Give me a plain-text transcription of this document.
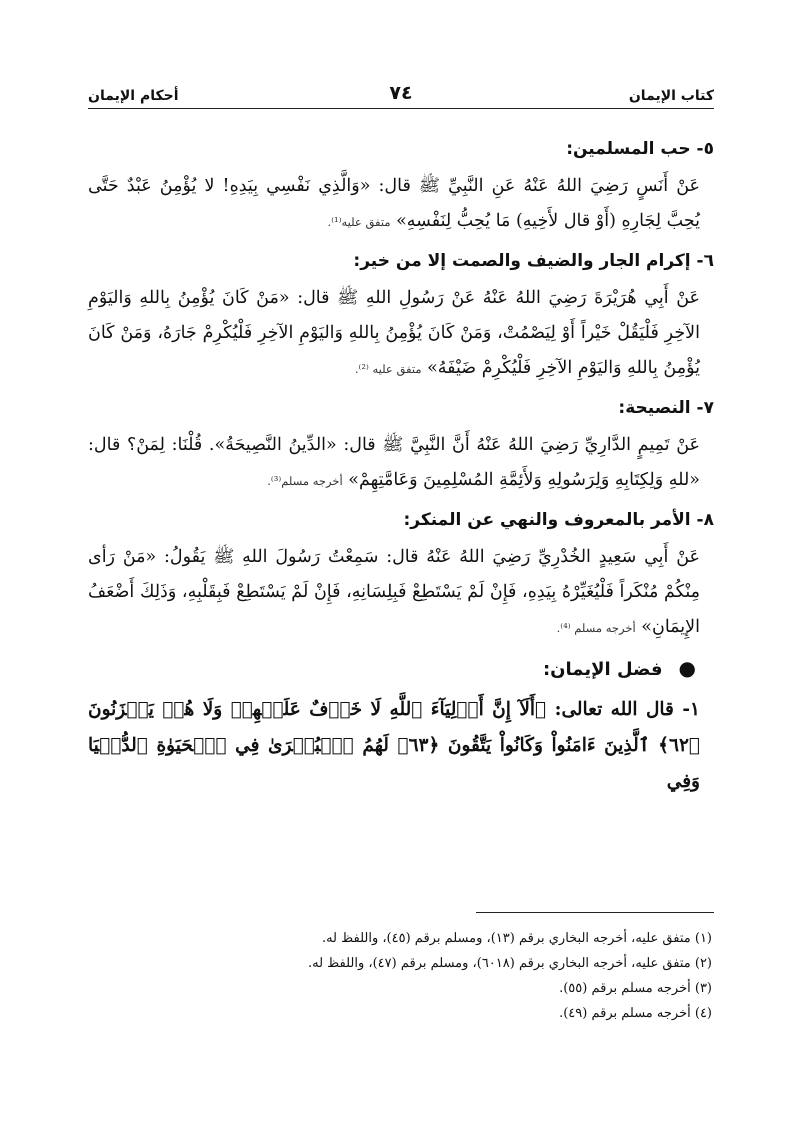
كتاب الإيمان
٧٤
أحكام الإيمان
٥- حب المسلمين:

عَنْ أَنَسٍ رَضِيَ اللهُ عَنْهُ عَنِ النَّبِيِّ ﷺ قال: «وَالَّذِي نَفْسِي بِيَدِهِ! لا يُؤْمِنُ عَبْدٌ حَتَّى يُحِبَّ لِجَارِهِ (أَوْ قال لأَخِيهِ) مَا يُحِبُّ لِنَفْسِهِ» متفق عليه⁽¹⁾.

٦- إكرام الجار والضيف والصمت إلا من خير:

عَنْ أَبِي هُرَيْرَةَ رَضِيَ اللهُ عَنْهُ عَنْ رَسُولِ اللهِ ﷺ قال: «مَنْ كَانَ يُؤْمِنُ بِاللهِ وَاليَوْمِ الآخِرِ فَلْيَقُلْ خَيْراً أَوْ لِيَصْمُتْ، وَمَنْ كَانَ يُؤْمِنُ بِاللهِ وَاليَوْمِ الآخِرِ فَلْيُكْرِمْ جَارَهُ، وَمَنْ كَانَ يُؤْمِنُ بِاللهِ وَاليَوْمِ الآخِرِ فَلْيُكْرِمْ ضَيْفَهُ» متفق عليه ⁽²⁾.

٧- النصيحة:

عَنْ تَمِيمٍ الدَّارِيِّ رَضِيَ اللهُ عَنْهُ أَنَّ النَّبِيَّ ﷺ قال: «الدِّينُ النَّصِيحَةُ». قُلْنَا: لِمَنْ؟ قال: «للهِ وَلِكِتَابِهِ وَلِرَسُولِهِ وَلأَئِمَّةِ المُسْلِمِينَ وَعَامَّتِهِمْ» أخرجه مسلم⁽³⁾.

٨- الأمر بالمعروف والنهي عن المنكر:

عَنْ أَبِي سَعِيدٍ الخُدْرِيِّ رَضِيَ اللهُ عَنْهُ قال: سَمِعْتُ رَسُولَ اللهِ ﷺ يَقُولُ: «مَنْ رَأى مِنْكُمْ مُنْكَراً فَلْيُغَيِّرْهُ بِيَدِهِ، فَإِنْ لَمْ يَسْتَطِعْ فَبِلِسَانِهِ، فَإِنْ لَمْ يَسْتَطِعْ فَبِقَلْبِهِ، وَذَلِكَ أَضْعَفُ الإِيمَانِ» أخرجه مسلم ⁽⁴⁾.

●فضل الإيمان:

١- قال الله تعالى: ﴿أَلَآ إِنَّ أَوۡلِيَآءَ ٱللَّهِ لَا خَوۡفٌ عَلَيۡهِمۡ وَلَا هُمۡ يَحۡزَنُونَ ﴿٦٢﴾ ٱلَّذِينَ ءَامَنُواْ وَكَانُواْ يَتَّقُونَ ﴿٦٣﴾ لَهُمُ ٱلۡبُشۡرَىٰ فِي ٱلۡحَيَوٰةِ ٱلدُّنۡيَا وَفِي

(١) متفق عليه، أخرجه البخاري برقم (١٣)، ومسلم برقم (٤٥)، واللفظ له.

(٢) متفق عليه، أخرجه البخاري برقم (٦٠١٨)، ومسلم برقم (٤٧)، واللفظ له.

(٣) أخرجه مسلم برقم (٥٥).

(٤) أخرجه مسلم برقم (٤٩).
